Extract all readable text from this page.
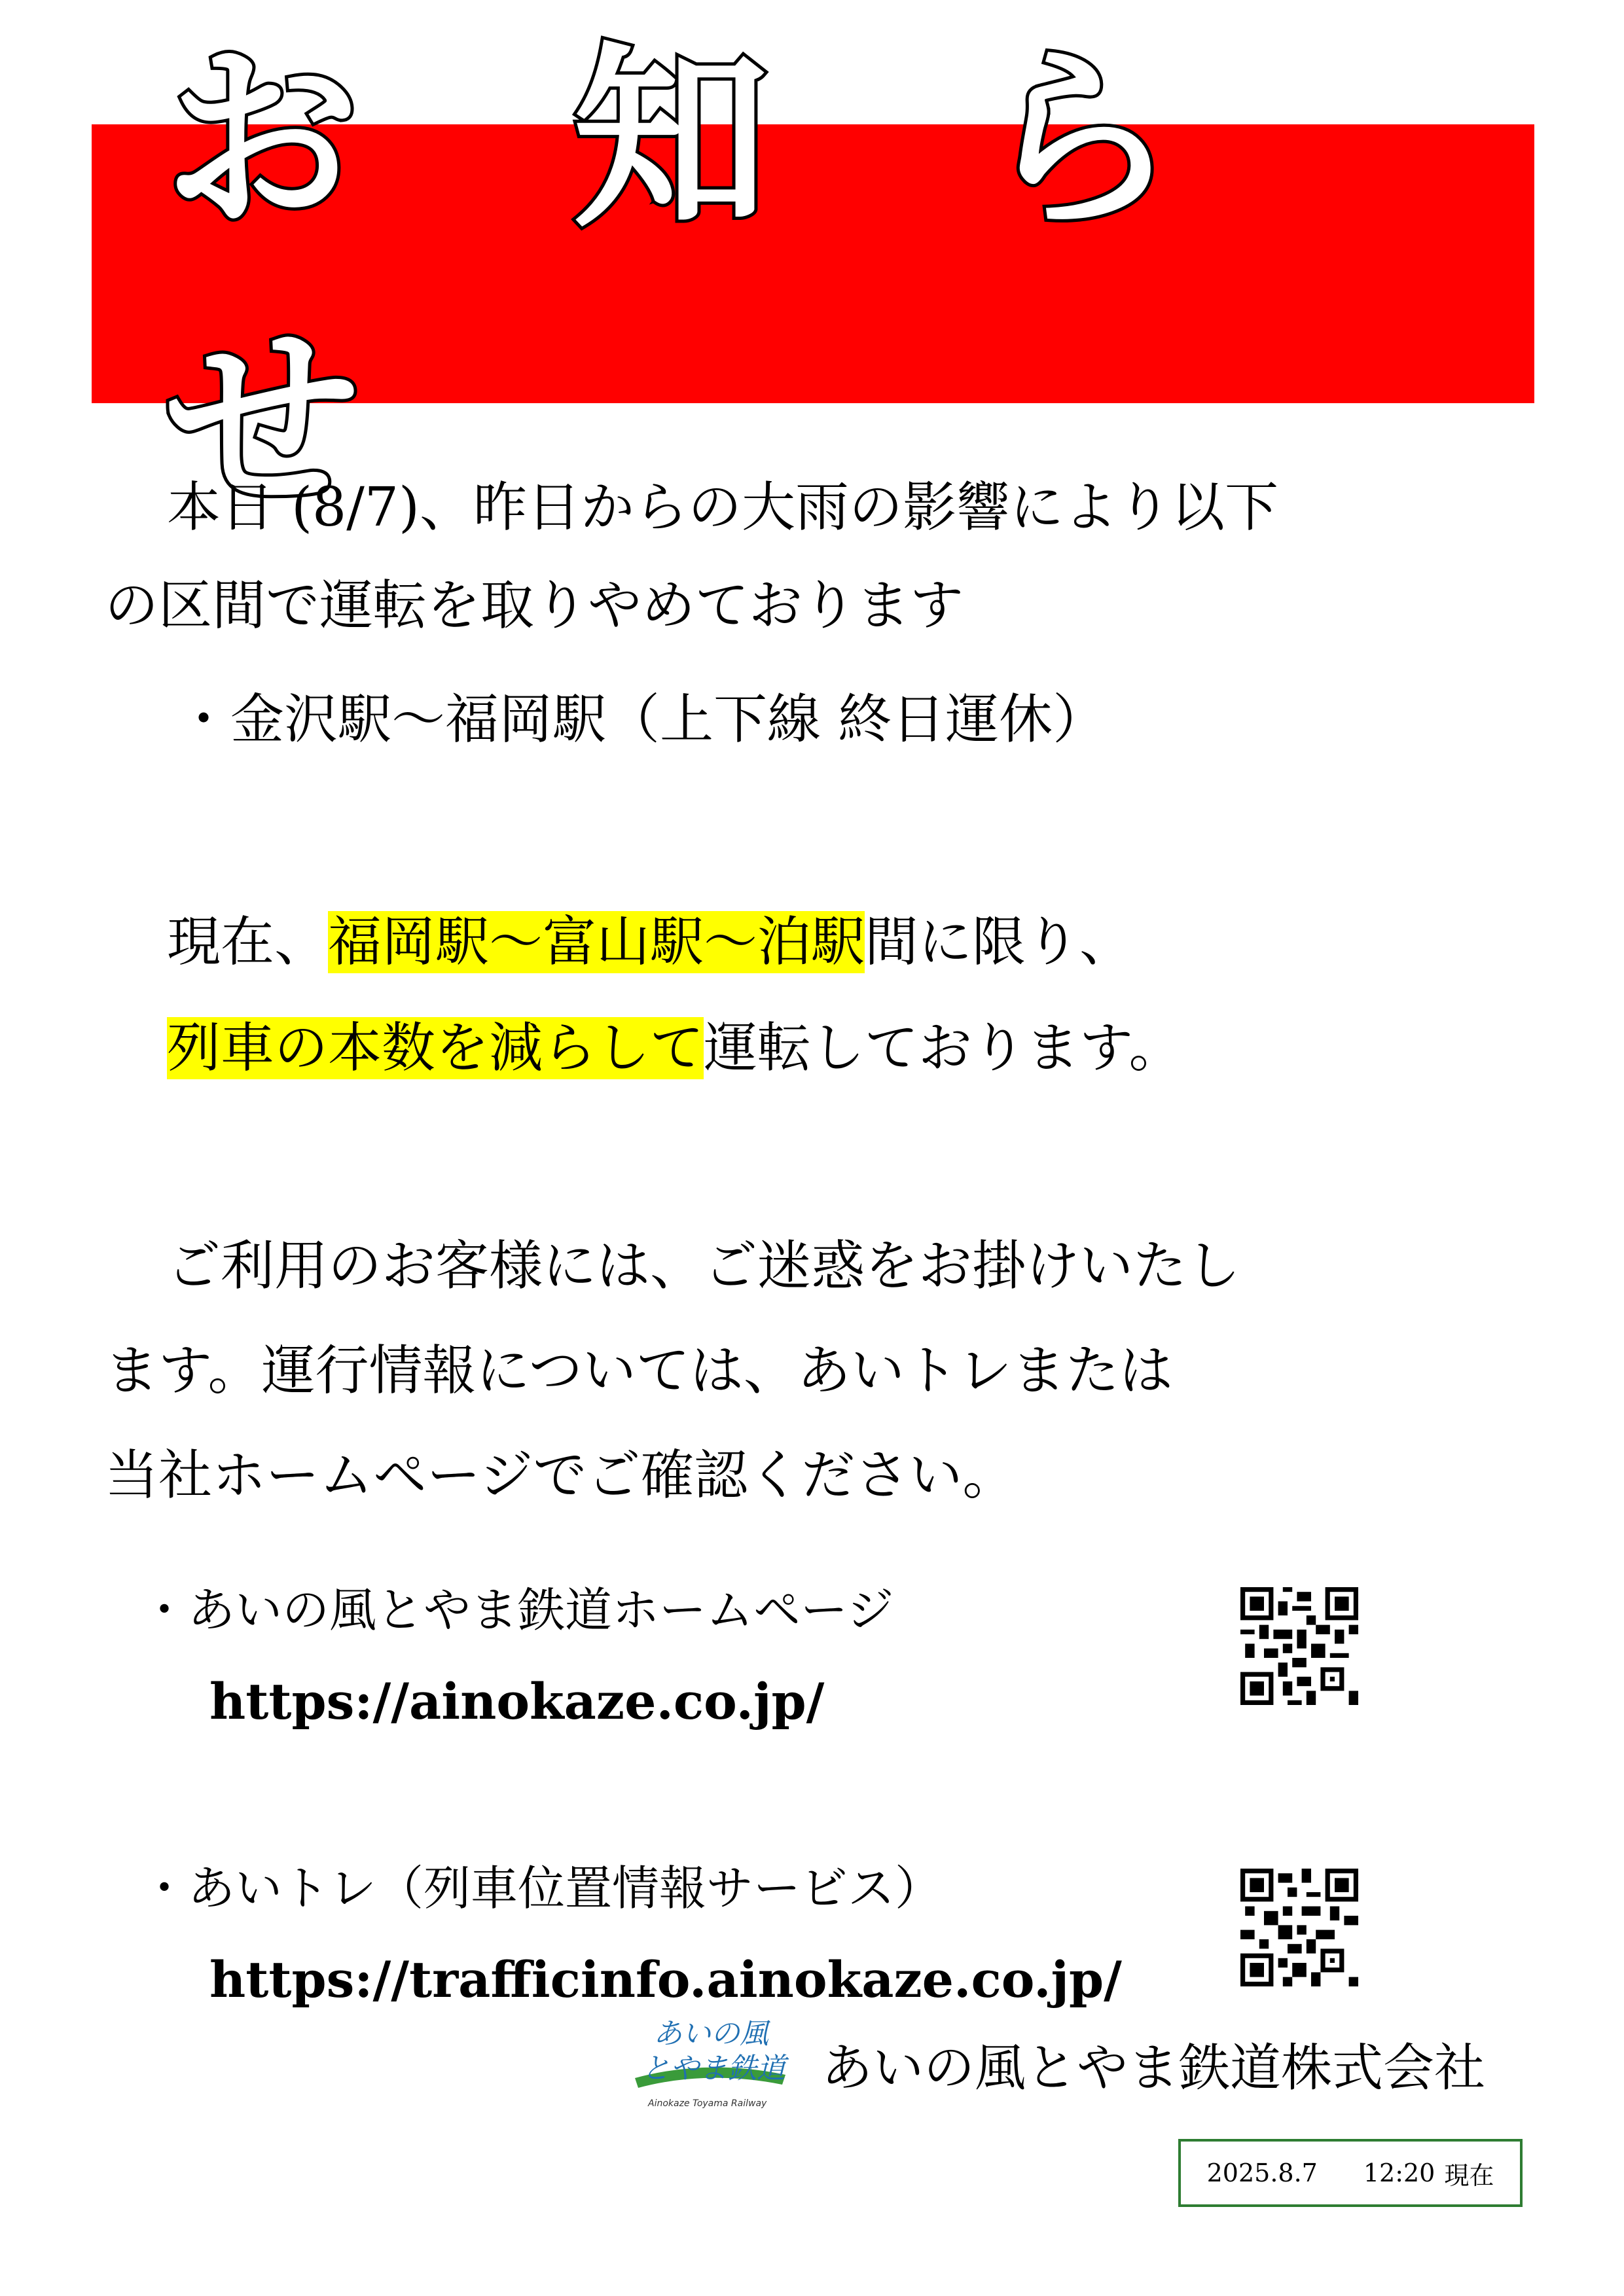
お 知 ら せ
本日 (8/7)、昨日からの大雨の影響により以下
の区間で運転を取りやめております
・金沢駅～福岡駅（上下線 終日運休）
現在、福岡駅～富山駅～泊駅間に限り、
列車の本数を減らして運転しております。
ご利用のお客様には、ご迷惑をお掛けいたし
ます。運行情報については、あいトレまたは
当社ホームページでご確認ください。
・あいの風とやま鉄道ホームページ
https://ainokaze.co.jp/
・あいトレ（列車位置情報サービス）
https://trafficinfo.ainokaze.co.jp/
あいの風
とやま鉄道
Ainokaze Toyama Railway
あいの風とやま鉄道株式会社
2025.8.7 12:20 現在
